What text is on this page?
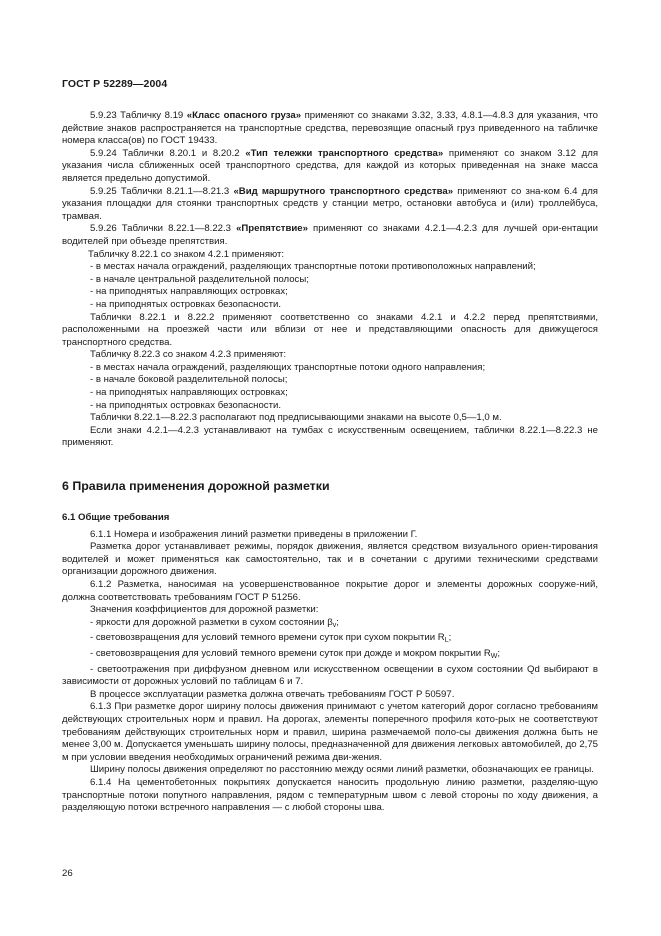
ГОСТ Р 52289—2004

5.9.23 Табличку 8.19 «Класс опасного груза» применяют со знаками 3.32, 3.33, 4.8.1—4.8.3 для указания, что действие знаков распространяется на транспортные средства, перевозящие опасный груз приведенного на табличке номера класса(ов) по ГОСТ 19433.

5.9.24 Таблички 8.20.1 и 8.20.2 «Тип тележки транспортного средства» применяют со знаком 3.12 для указания числа сближенных осей транспортного средства, для каждой из которых приведенная на знаке масса является предельно допустимой.

5.9.25 Таблички 8.21.1—8.21.3 «Вид маршрутного транспортного средства» применяют со зна-ком 6.4 для указания площадки для стоянки транспортных средств у станции метро, остановки автобуса и (или) троллейбуса, трамвая.

5.9.26 Таблички 8.22.1—8.22.3 «Препятствие» применяют со знаками 4.2.1—4.2.3 для лучшей ори-ентации водителей при объезде препятствия.

Табличку 8.22.1 со знаком 4.2.1 применяют:

- в местах начала ограждений, разделяющих транспортные потоки противоположных направлений;

- в начале центральной разделительной полосы;

- на приподнятых направляющих островках;

- на приподнятых островках безопасности.

Таблички 8.22.1 и 8.22.2 применяют соответственно со знаками 4.2.1 и 4.2.2 перед препятствиями, расположенными на проезжей части или вблизи от нее и представляющими опасность для движущегося транспортного средства.

Табличку 8.22.3 со знаком 4.2.3 применяют:

- в местах начала ограждений, разделяющих транспортные потоки одного направления;

- в начале боковой разделительной полосы;

- на приподнятых направляющих островках;

- на приподнятых островках безопасности.

Таблички 8.22.1—8.22.3 располагают под предписывающими знаками на высоте 0,5—1,0 м.

Если знаки 4.2.1—4.2.3 устанавливают на тумбах с искусственным освещением, таблички 8.22.1—8.22.3 не применяют.

6 Правила применения дорожной разметки
6.1 Общие требования

6.1.1 Номера и изображения линий разметки приведены в приложении Г.

Разметка дорог устанавливает режимы, порядок движения, является средством визуального ориен-тирования водителей и может применяться как самостоятельно, так и в сочетании с другими техническими средствами организации дорожного движения.

6.1.2 Разметка, наносимая на усовершенствованное покрытие дорог и элементы дорожных сооруже-ний, должна соответствовать требованиям ГОСТ Р 51256.

Значения коэффициентов для дорожной разметки:

- яркости для дорожной разметки в сухом состоянии $\beta_v$;

- световозвращения для условий темного времени суток при сухом покрытии $R_L$;

- световозвращения для условий темного времени суток при дожде и мокром покрытии $R_W$;

- светоотражения при диффузном дневном или искусственном освещении в сухом состоянии Qd выбирают в зависимости от дорожных условий по таблицам 6 и 7.

В процессе эксплуатации разметка должна отвечать требованиям ГОСТ Р 50597.

6.1.3 При разметке дорог ширину полосы движения принимают с учетом категорий дорог согласно требованиям действующих строительных норм и правил. На дорогах, элементы поперечного профиля кото-рых не соответствуют требованиям действующих строительных норм и правил, ширина размечаемой поло-сы движения должна быть не менее 3,00 м. Допускается уменьшать ширину полосы, предназначенной для движения легковых автомобилей, до 2,75 м при условии введения необходимых ограничений режима дви-жения.

Ширину полосы движения определяют по расстоянию между осями линий разметки, обозначающих ее границы.

6.1.4 На цементобетонных покрытиях допускается наносить продольную линию разметки, разделяю-щую транспортные потоки попутного направления, рядом с температурным швом с левой стороны по ходу движения, а разделяющую потоки встречного направления — с любой стороны шва.

26
